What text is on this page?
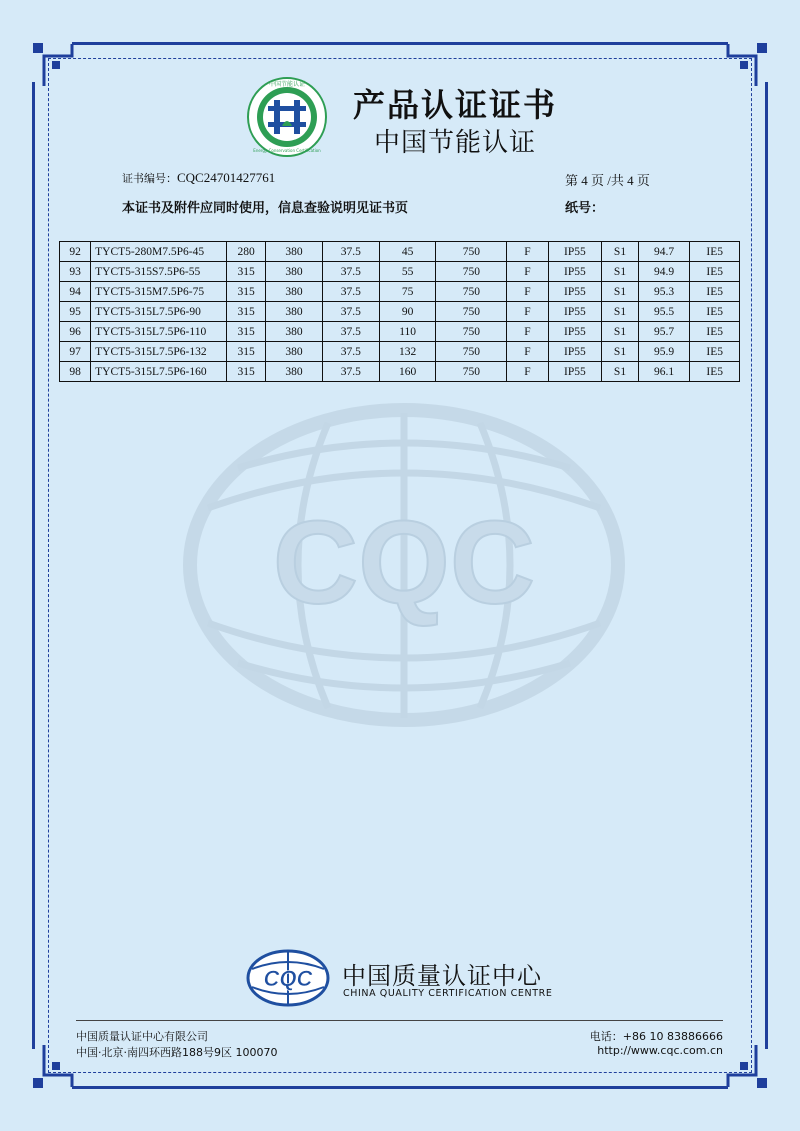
中国节能认证
Energy Conservation Certification
产品认证证书
中国节能认证
证书编号：CQC24701427761	第 4 页 /共 4 页
本证书及附件应同时使用，信息查验说明见证书页	纸号：
92	TYCT5-280M7.5P6-45	280	380	37.5	45	750	F	IP55	S1	94.7	IE5
93	TYCT5-315S7.5P6-55	315	380	37.5	55	750	F	IP55	S1	94.9	IE5
94	TYCT5-315M7.5P6-75	315	380	37.5	75	750	F	IP55	S1	95.3	IE5
95	TYCT5-315L7.5P6-90	315	380	37.5	90	750	F	IP55	S1	95.5	IE5
96	TYCT5-315L7.5P6-110	315	380	37.5	110	750	F	IP55	S1	95.7	IE5
97	TYCT5-315L7.5P6-132	315	380	37.5	132	750	F	IP55	S1	95.9	IE5
98	TYCT5-315L7.5P6-160	315	380	37.5	160	750	F	IP55	S1	96.1	IE5
CQC
CQC 中国质量认证中心
CHINA QUALITY CERTIFICATION CENTRE
中国质量认证中心有限公司
中国·北京·南四环西路188号9区 100070
电话：+86 10 83886666
http://www.cqc.com.cn
